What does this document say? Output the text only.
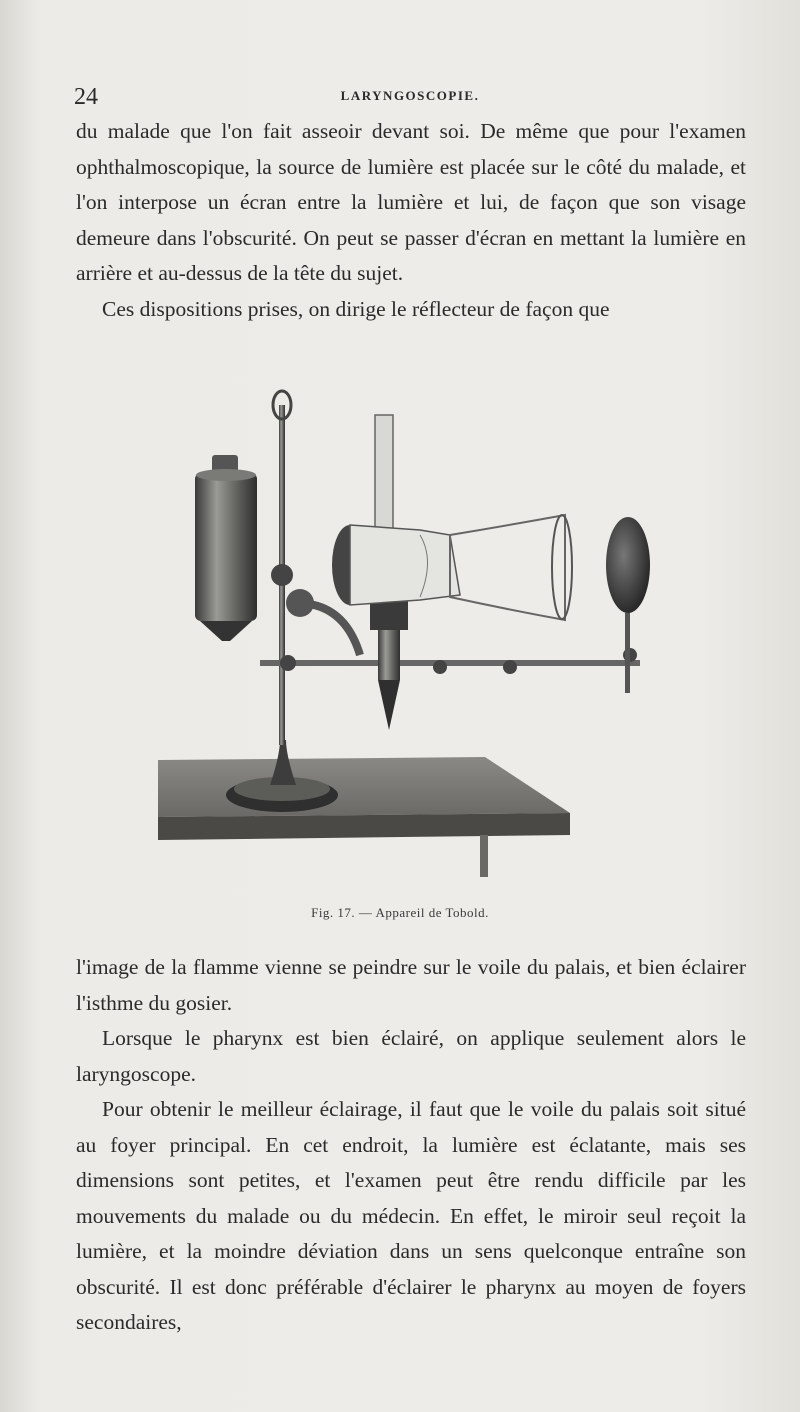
24	LARYNGOSCOPIE.

du malade que l'on fait asseoir devant soi. De même que pour l'examen ophthalmoscopique, la source de lumière est placée sur le côté du malade, et l'on interpose un écran entre la lumière et lui, de façon que son visage demeure dans l'obscurité. On peut se passer d'écran en mettant la lumière en arrière et au-dessus de la tête du sujet.

Ces dispositions prises, on dirige le réflecteur de façon que

Fig. 17. — Appareil de Tobold.

l'image de la flamme vienne se peindre sur le voile du palais, et bien éclairer l'isthme du gosier.

Lorsque le pharynx est bien éclairé, on applique seulement alors le laryngoscope.

Pour obtenir le meilleur éclairage, il faut que le voile du palais soit situé au foyer principal. En cet endroit, la lumière est éclatante, mais ses dimensions sont petites, et l'examen peut être rendu difficile par les mouvements du malade ou du médecin. En effet, le miroir seul reçoit la lumière, et la moindre déviation dans un sens quelconque entraîne son obscurité. Il est donc préférable d'éclairer le pharynx au moyen de foyers secondaires,
